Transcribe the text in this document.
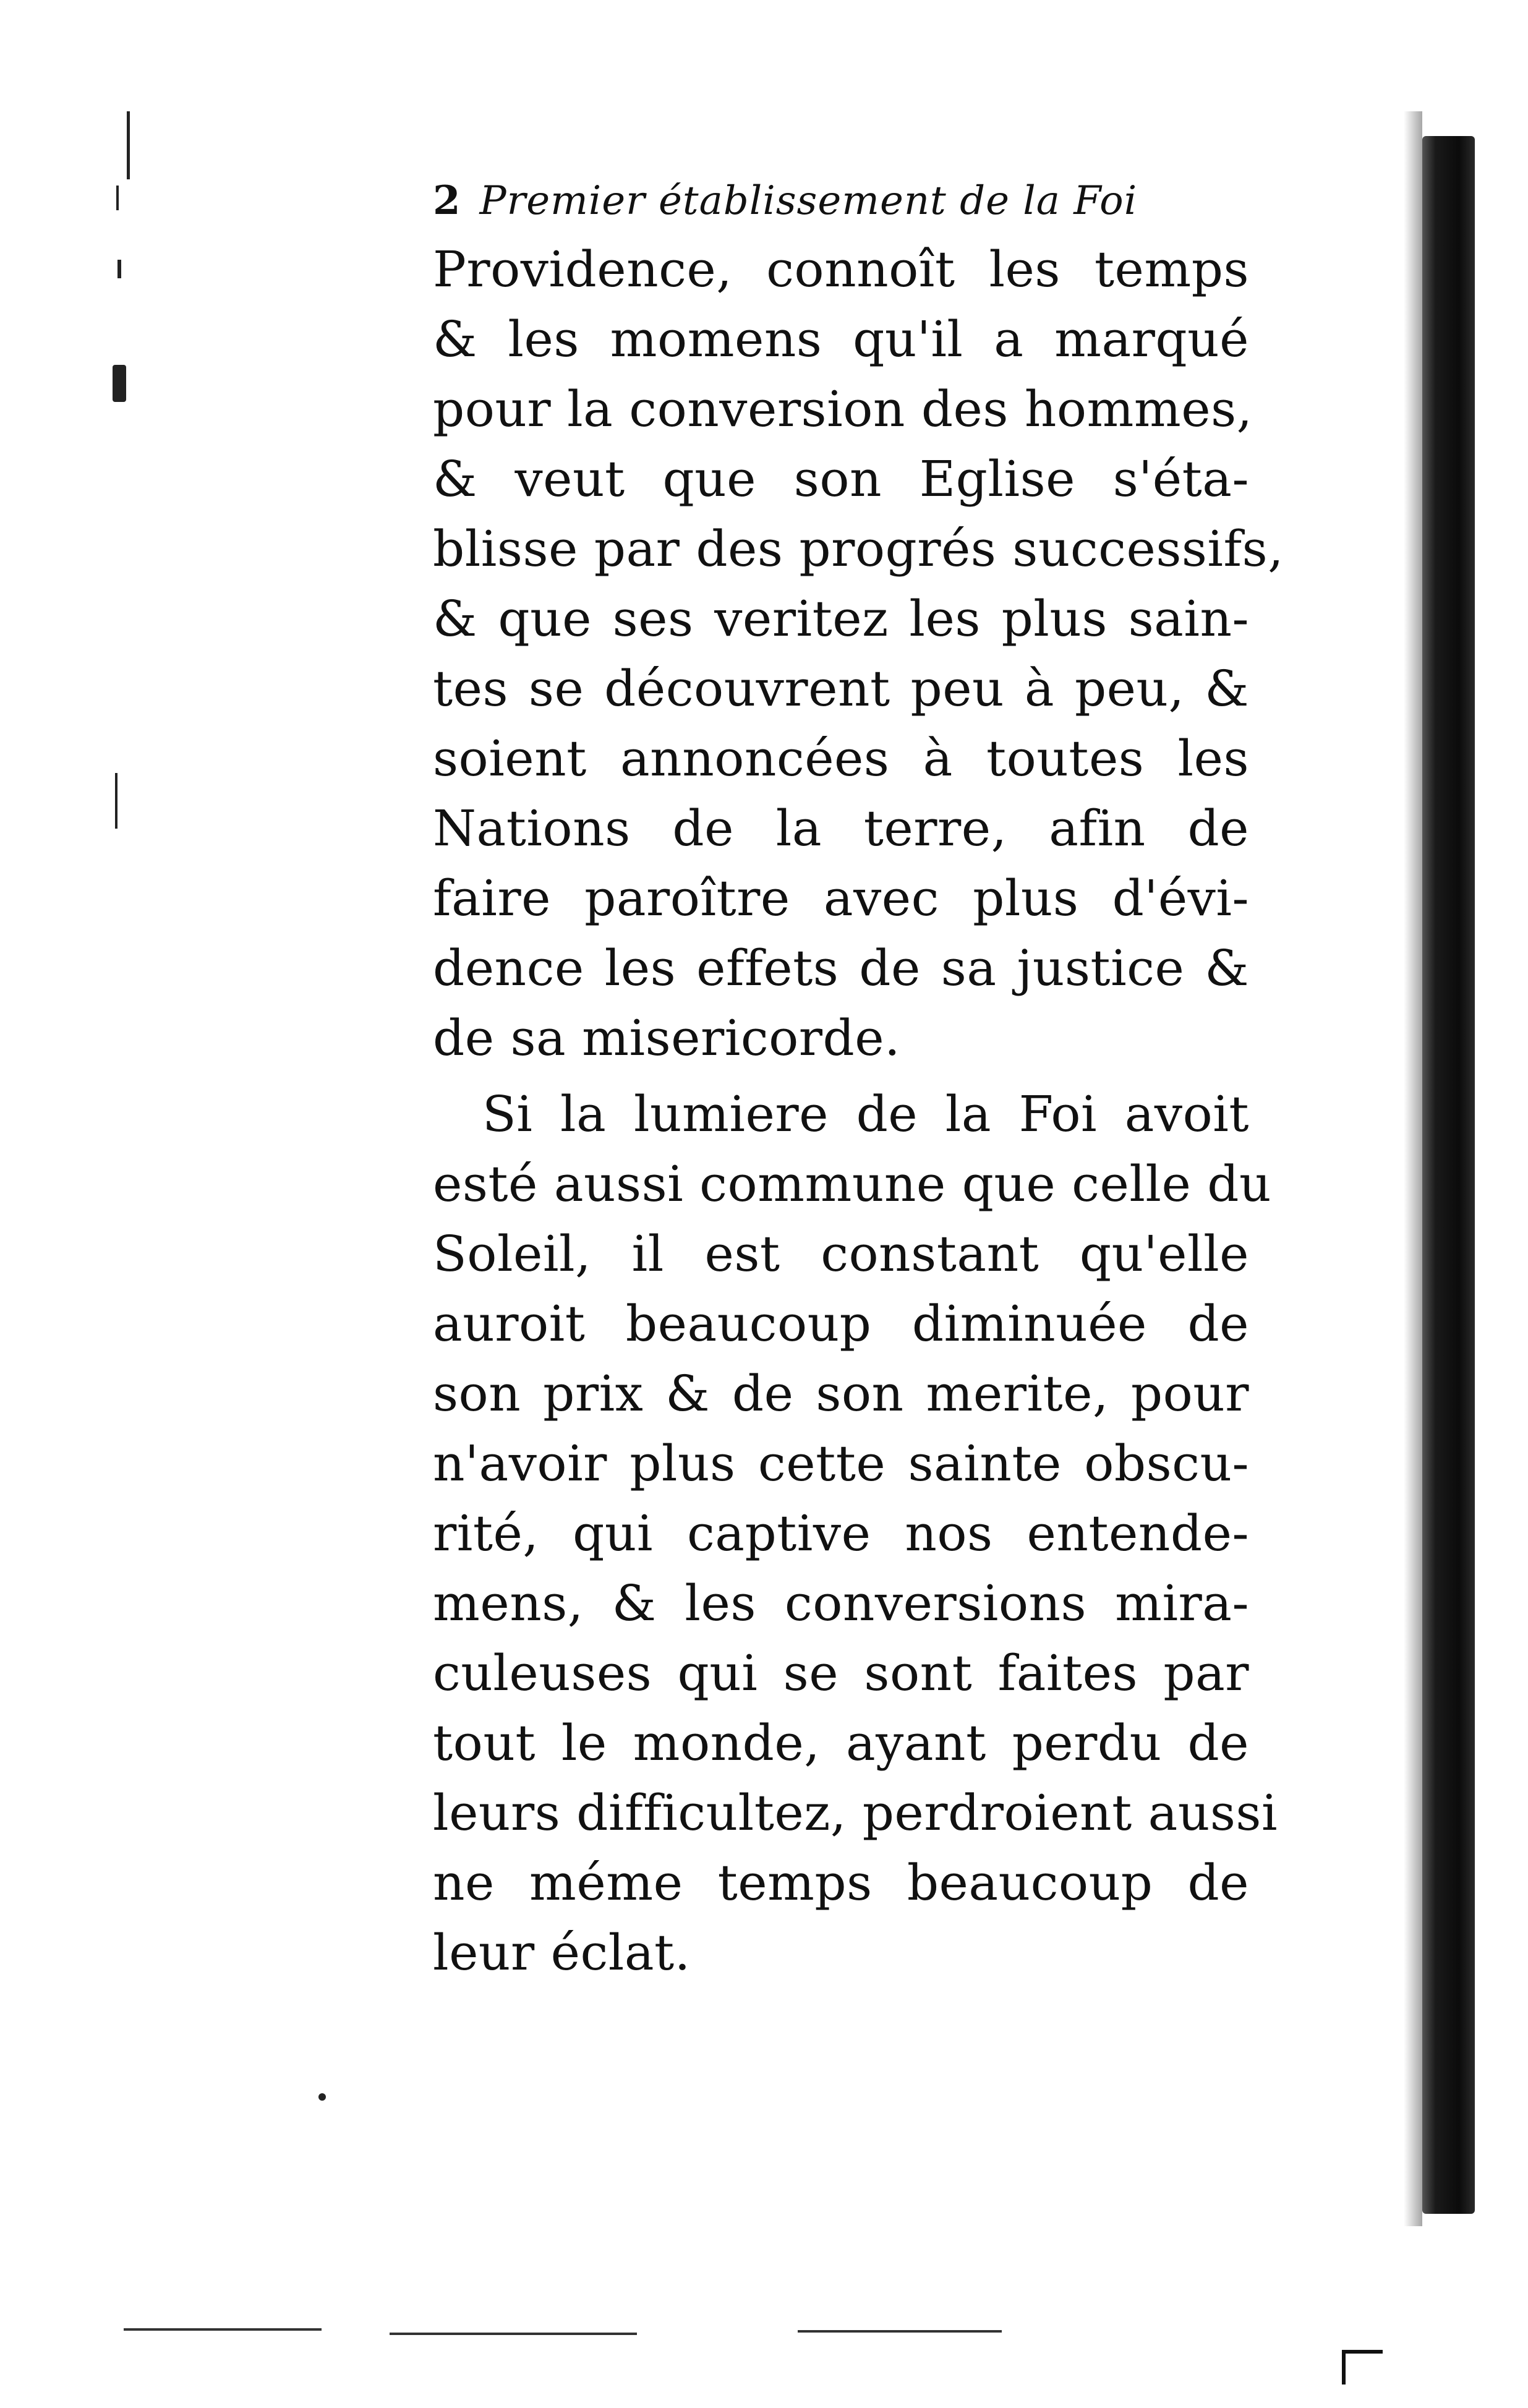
2 Premier établissement de la Foi
Providence, connoît les temps
& les momens qu'il a marqué
pour la conversion des hommes,
& veut que son Eglise s'éta-
blisse par des progrés successifs,
& que ses veritez les plus sain-
tes se découvrent peu à peu, &
soient annoncées à toutes les
Nations de la terre, afin de
faire paroître avec plus d'évi-
dence les effets de sa justice &
de sa misericorde.
Si la lumiere de la Foi avoit
esté aussi commune que celle du
Soleil, il est constant qu'elle
auroit beaucoup diminuée de
son prix & de son merite, pour
n'avoir plus cette sainte obscu-
rité, qui captive nos entende-
mens, & les conversions mira-
culeuses qui se sont faites par
tout le monde, ayant perdu de
leurs difficultez, perdroient aussi
ne méme temps beaucoup de
leur éclat.
